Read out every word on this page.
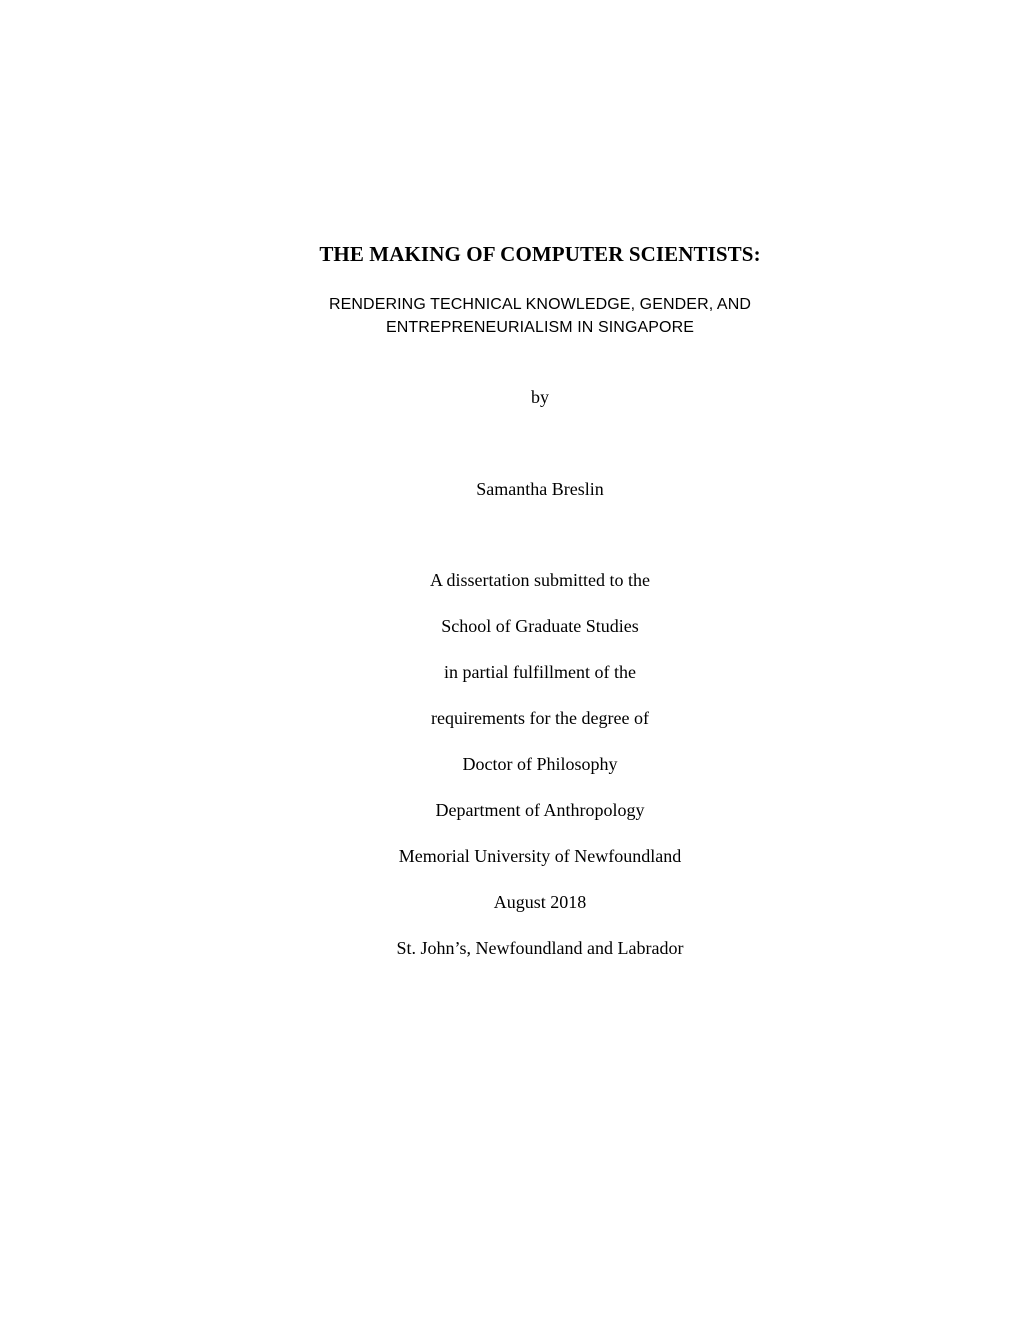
THE MAKING OF COMPUTER SCIENTISTS:
RENDERING TECHNICAL KNOWLEDGE, GENDER, AND
ENTREPRENEURIALISM IN SINGAPORE
by
Samantha Breslin
A dissertation submitted to the
School of Graduate Studies
in partial fulfillment of the
requirements for the degree of
Doctor of Philosophy
Department of Anthropology
Memorial University of Newfoundland
August 2018
St. John’s, Newfoundland and Labrador
